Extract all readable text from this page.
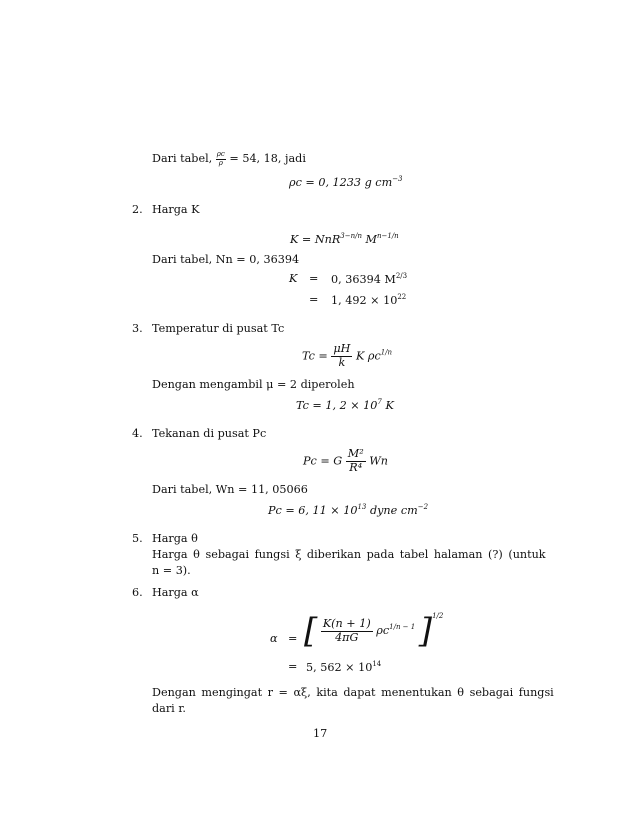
Dari tabel, $\frac{\rho c}{\rho} = 54$, 18, jadi
ρc = 0, 1233 g $cm^{-3}$
2. Harga K
K = NnR$^{3-n/n}$ $M^{n-1/n}$
Dari tabel, Nn = 0, 36394
K = 0, 36394 $M^{2/3}$
= 1, $492 \times 10^{22}$
3. Temperatur di pusat Tc
$Tc = \frac{\mu H}{k}$ K $\rho c^{1/n}$
Dengan mengambil μ = 2 diperoleh
Tc = 1, $2 \times 10^7$ K
4. Tekanan di pusat Pc
Pc = G $\frac{\text{M²}}{\text{R⁴}}$ Wn
Dari tabel, Wn = 11, 05066
Pc = 6, $11 \times 10^{13}$ dyne $cm^{-2}$
5. Harga θ
Harga θ sebagai fungsi ξ diberikan pada tabel halaman (?) (untuk
n = 3).
6. Harga α
α = [ $\frac{K(n + 1)}{4\pi G} \rho c^{1/n - 1}$ ]$^{1/2}$
= 5, $562 \times 10^{14}$
Dengan mengingat r = αξ, kita dapat menentukan θ sebagai fungsi
dari r.
17
